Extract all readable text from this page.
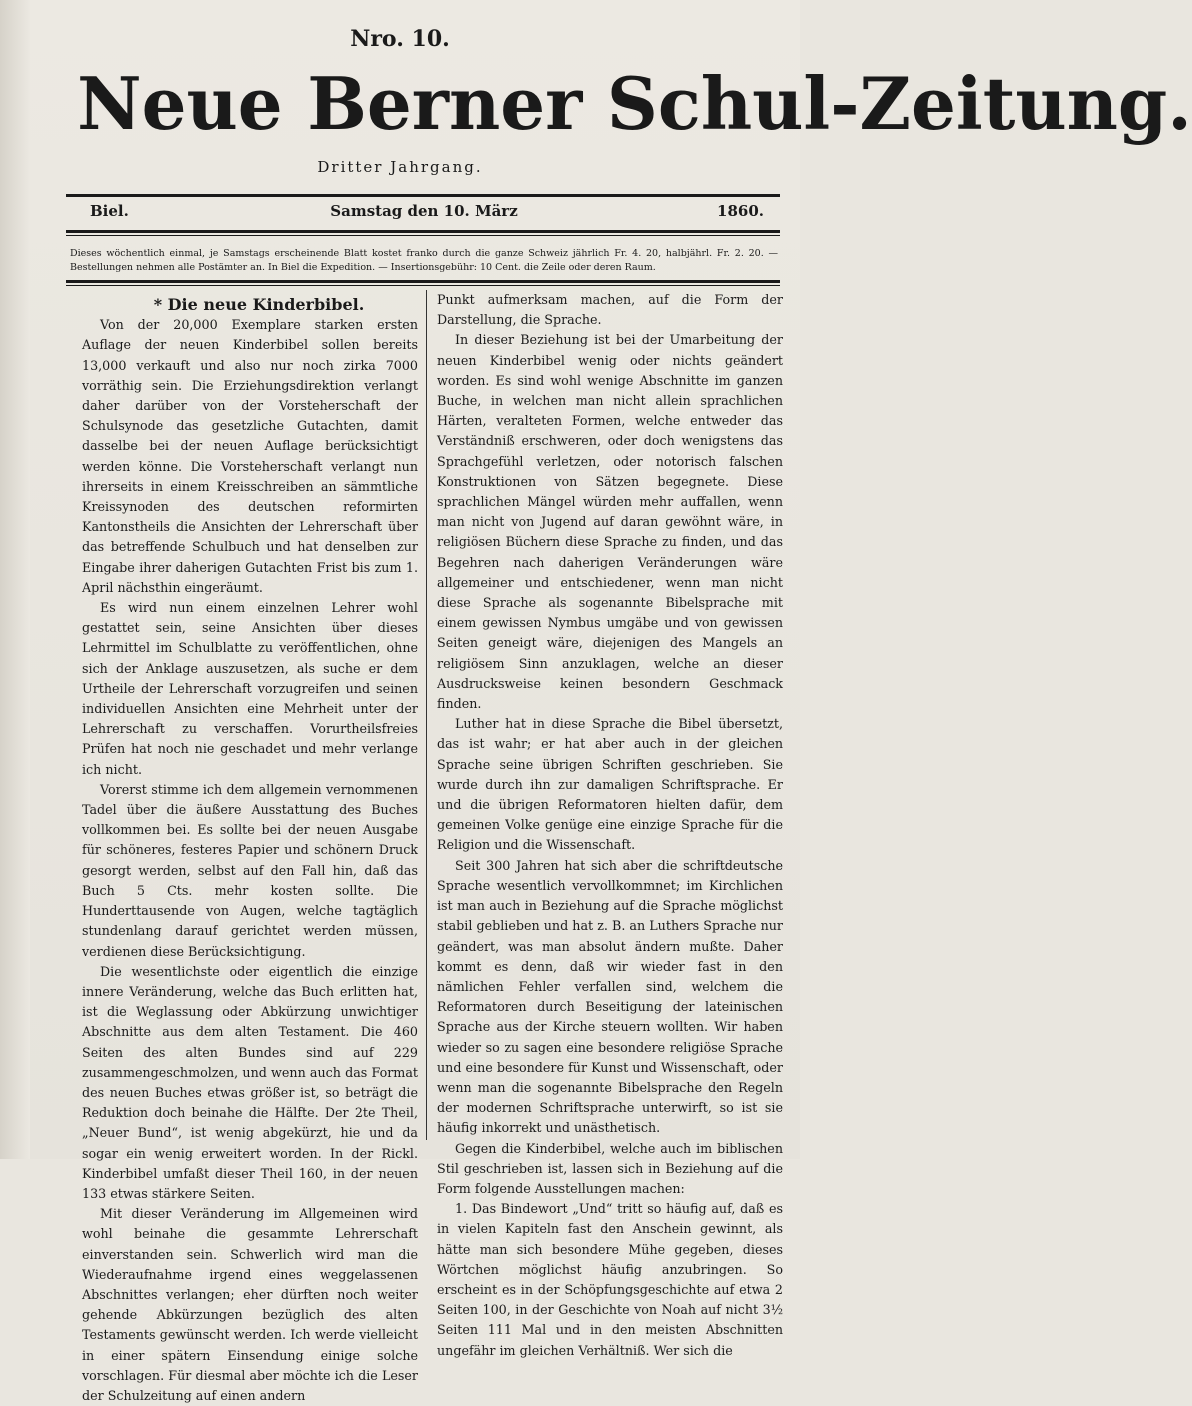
Nro. 10.
Neue Berner Schul-Zeitung.
Dritter Jahrgang.
Biel.	Samstag den 10. März	1860.
Dieses wöchentlich einmal, je Samstags erscheinende Blatt kostet franko durch die ganze Schweiz jährlich Fr. 4. 20, halbjährl. Fr. 2. 20. — Bestellungen nehmen alle Postämter an. In Biel die Expedition. — Insertionsgebühr: 10 Cent. die Zeile oder deren Raum.

* Die neue Kinderbibel.

Von der 20,000 Exemplare starken ersten Auflage der neuen Kinderbibel sollen bereits 13,000 verkauft und also nur noch zirka 7000 vorräthig sein. Die Erziehungsdirektion verlangt daher darüber von der Vorsteherschaft der Schulsynode das gesetzliche Gutachten, damit dasselbe bei der neuen Auflage berücksichtigt werden könne. Die Vorsteherschaft verlangt nun ihrerseits in einem Kreisschreiben an sämmtliche Kreissynoden des deutschen reformirten Kantonstheils die Ansichten der Lehrerschaft über das betreffende Schulbuch und hat denselben zur Eingabe ihrer daherigen Gutachten Frist bis zum 1. April nächsthin eingeräumt.

Es wird nun einem einzelnen Lehrer wohl gestattet sein, seine Ansichten über dieses Lehrmittel im Schulblatte zu veröffentlichen, ohne sich der Anklage auszusetzen, als suche er dem Urtheile der Lehrerschaft vorzugreifen und seinen individuellen Ansichten eine Mehrheit unter der Lehrerschaft zu verschaffen. Vorurtheilsfreies Prüfen hat noch nie geschadet und mehr verlange ich nicht.

Vorerst stimme ich dem allgemein vernommenen Tadel über die äußere Ausstattung des Buches vollkommen bei. Es sollte bei der neuen Ausgabe für schöneres, festeres Papier und schönern Druck gesorgt werden, selbst auf den Fall hin, daß das Buch 5 Cts. mehr kosten sollte. Die Hunderttausende von Augen, welche tagtäglich stundenlang darauf gerichtet werden müssen, verdienen diese Berücksichtigung.

Die wesentlichste oder eigentlich die einzige innere Veränderung, welche das Buch erlitten hat, ist die Weglassung oder Abkürzung unwichtiger Abschnitte aus dem alten Testament. Die 460 Seiten des alten Bundes sind auf 229 zusammengeschmolzen, und wenn auch das Format des neuen Buches etwas größer ist, so beträgt die Reduktion doch beinahe die Hälfte. Der 2te Theil, „Neuer Bund“, ist wenig abgekürzt, hie und da sogar ein wenig erweitert worden. In der Rickl. Kinderbibel umfaßt dieser Theil 160, in der neuen 133 etwas stärkere Seiten.

Mit dieser Veränderung im Allgemeinen wird wohl beinahe die gesammte Lehrerschaft einverstanden sein. Schwerlich wird man die Wiederaufnahme irgend eines weggelassenen Abschnittes verlangen; eher dürften noch weiter gehende Abkürzungen bezüglich des alten Testaments gewünscht werden. Ich werde vielleicht in einer spätern Einsendung einige solche vorschlagen. Für diesmal aber möchte ich die Leser der Schulzeitung auf einen andern

Punkt aufmerksam machen, auf die Form der Darstellung, die Sprache.

In dieser Beziehung ist bei der Umarbeitung der neuen Kinderbibel wenig oder nichts geändert worden. Es sind wohl wenige Abschnitte im ganzen Buche, in welchen man nicht allein sprachlichen Härten, veralteten Formen, welche entweder das Verständniß erschweren, oder doch wenigstens das Sprachgefühl verletzen, oder notorisch falschen Konstruktionen von Sätzen begegnete. Diese sprachlichen Mängel würden mehr auffallen, wenn man nicht von Jugend auf daran gewöhnt wäre, in religiösen Büchern diese Sprache zu finden, und das Begehren nach daherigen Veränderungen wäre allgemeiner und entschiedener, wenn man nicht diese Sprache als sogenannte Bibelsprache mit einem gewissen Nymbus umgäbe und von gewissen Seiten geneigt wäre, diejenigen des Mangels an religiösem Sinn anzuklagen, welche an dieser Ausdrucksweise keinen besondern Geschmack finden.

Luther hat in diese Sprache die Bibel übersetzt, das ist wahr; er hat aber auch in der gleichen Sprache seine übrigen Schriften geschrieben. Sie wurde durch ihn zur damaligen Schriftsprache. Er und die übrigen Reformatoren hielten dafür, dem gemeinen Volke genüge eine einzige Sprache für die Religion und die Wissenschaft.

Seit 300 Jahren hat sich aber die schriftdeutsche Sprache wesentlich vervollkommnet; im Kirchlichen ist man auch in Beziehung auf die Sprache möglichst stabil geblieben und hat z. B. an Luthers Sprache nur geändert, was man absolut ändern mußte. Daher kommt es denn, daß wir wieder fast in den nämlichen Fehler verfallen sind, welchem die Reformatoren durch Beseitigung der lateinischen Sprache aus der Kirche steuern wollten. Wir haben wieder so zu sagen eine besondere religiöse Sprache und eine besondere für Kunst und Wissenschaft, oder wenn man die sogenannte Bibelsprache den Regeln der modernen Schriftsprache unterwirft, so ist sie häufig inkorrekt und unästhetisch.

Gegen die Kinderbibel, welche auch im biblischen Stil geschrieben ist, lassen sich in Beziehung auf die Form folgende Ausstellungen machen:

1. Das Bindewort „Und“ tritt so häufig auf, daß es in vielen Kapiteln fast den Anschein gewinnt, als hätte man sich besondere Mühe gegeben, dieses Wörtchen möglichst häufig anzubringen. So erscheint es in der Schöpfungsgeschichte auf etwa 2 Seiten 100, in der Geschichte von Noah auf nicht 3½ Seiten 111 Mal und in den meisten Abschnitten ungefähr im gleichen Verhältniß. Wer sich die
